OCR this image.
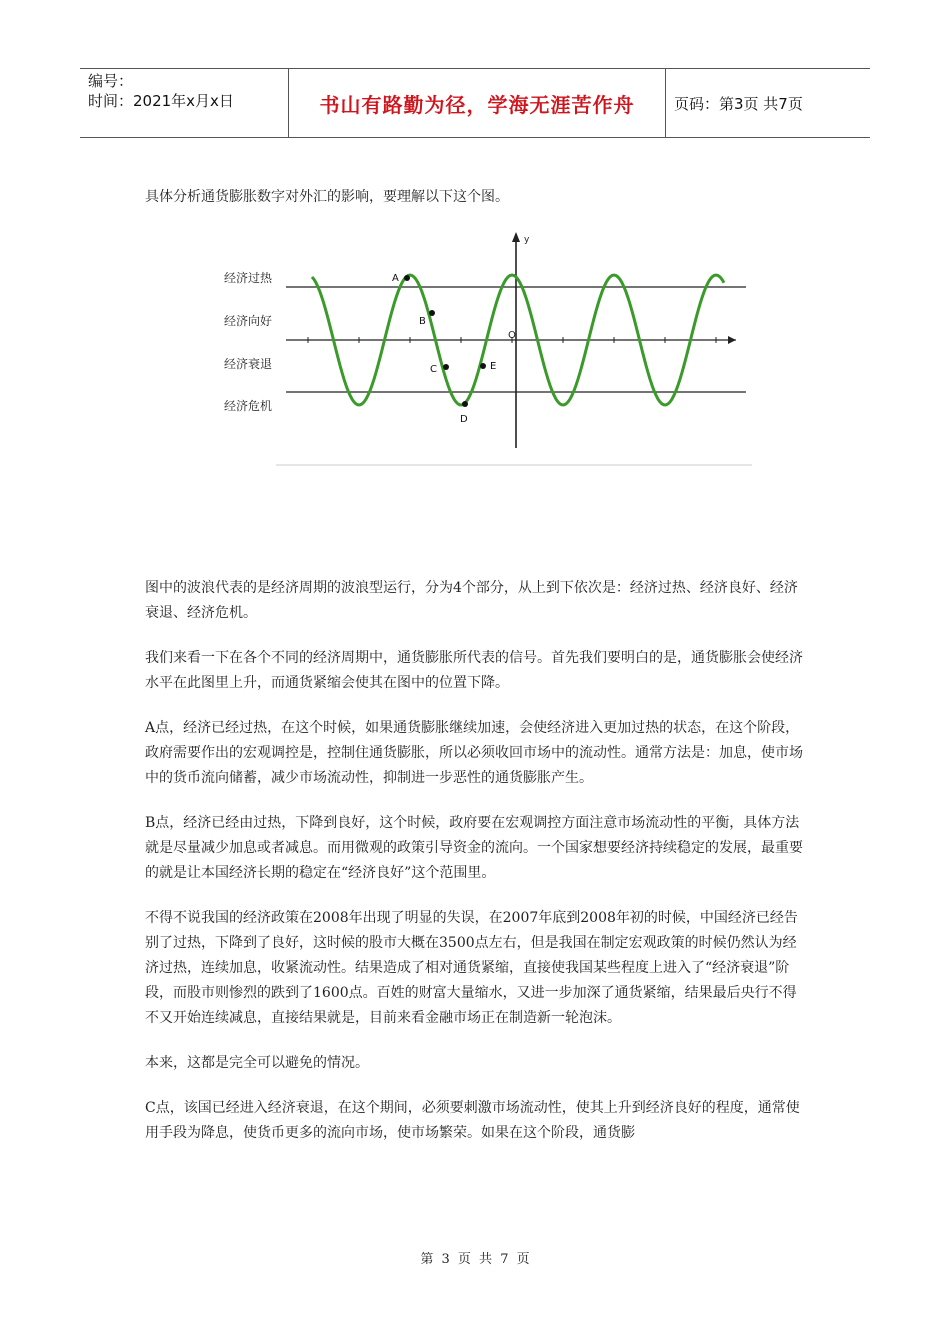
编号：
时间：2021年x月x日	书山有路勤为径，学海无涯苦作舟	页码：第3页 共7页
具体分析通货膨胀数字对外汇的影响，要理解以下这个图。
y
O
经济过热
经济向好
经济衰退
经济危机
A
B
C
D
E

图中的波浪代表的是经济周期的波浪型运行，分为4个部分，从上到下依次是：经济过热、经济良好、经济衰退、经济危机。

我们来看一下在各个不同的经济周期中，通货膨胀所代表的信号。首先我们要明白的是，通货膨胀会使经济水平在此图里上升，而通货紧缩会使其在图中的位置下降。

A点，经济已经过热，在这个时候，如果通货膨胀继续加速，会使经济进入更加过热的状态，在这个阶段，政府需要作出的宏观调控是，控制住通货膨胀，所以必须收回市场中的流动性。通常方法是：加息，使市场中的货币流向储蓄，减少市场流动性，抑制进一步恶性的通货膨胀产生。

B点，经济已经由过热，下降到良好，这个时候，政府要在宏观调控方面注意市场流动性的平衡，具体方法就是尽量减少加息或者减息。而用微观的政策引导资金的流向。一个国家想要经济持续稳定的发展，最重要的就是让本国经济长期的稳定在“经济良好”这个范围里。

不得不说我国的经济政策在2008年出现了明显的失误，在2007年底到2008年初的时候，中国经济已经告别了过热，下降到了良好，这时候的股市大概在3500点左右，但是我国在制定宏观政策的时候仍然认为经济过热，连续加息，收紧流动性。结果造成了相对通货紧缩，直接使我国某些程度上进入了“经济衰退”阶段，而股市则惨烈的跌到了1600点。百姓的财富大量缩水，又进一步加深了通货紧缩，结果最后央行不得不又开始连续减息，直接结果就是，目前来看金融市场正在制造新一轮泡沫。

本来，这都是完全可以避免的情况。

C点，该国已经进入经济衰退，在这个期间，必须要刺激市场流动性，使其上升到经济良好的程度，通常使用手段为降息，使货币更多的流向市场，使市场繁荣。如果在这个阶段，通货膨

第 3 页 共 7 页
